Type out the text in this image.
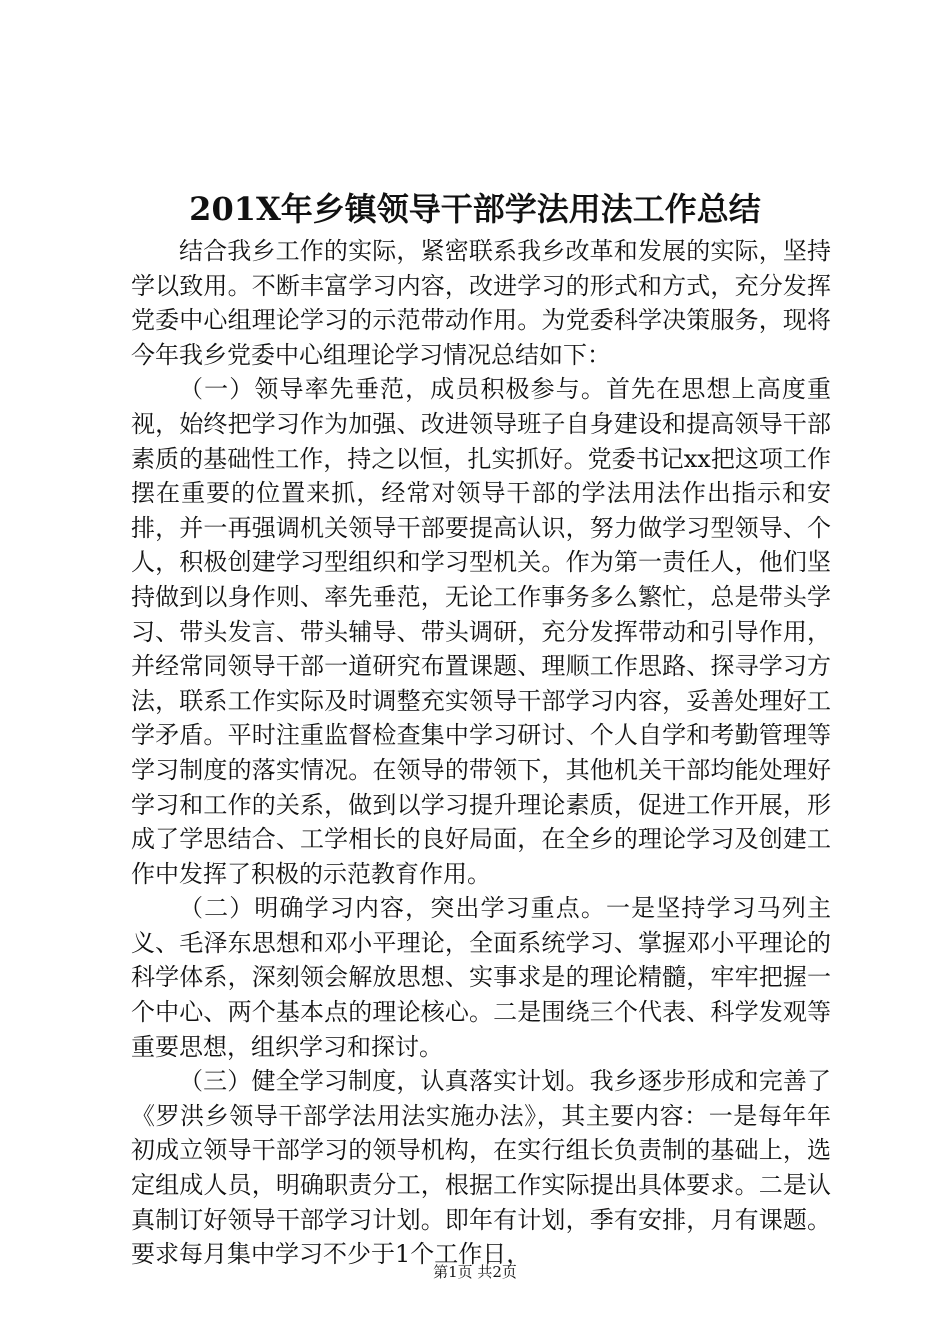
201X年乡镇领导干部学法用法工作总结

结合我乡工作的实际，紧密联系我乡改革和发展的实际，坚持学以致用。不断丰富学习内容，改进学习的形式和方式，充分发挥党委中心组理论学习的示范带动作用。为党委科学决策服务，现将今年我乡党委中心组理论学习情况总结如下：

（一）领导率先垂范，成员积极参与。首先在思想上高度重视，始终把学习作为加强、改进领导班子自身建设和提高领导干部素质的基础性工作，持之以恒，扎实抓好。党委书记xx把这项工作摆在重要的位置来抓，经常对领导干部的学法用法作出指示和安排，并一再强调机关领导干部要提高认识，努力做学习型领导、个人，积极创建学习型组织和学习型机关。作为第一责任人，他们坚持做到以身作则、率先垂范，无论工作事务多么繁忙，总是带头学习、带头发言、带头辅导、带头调研，充分发挥带动和引导作用，并经常同领导干部一道研究布置课题、理顺工作思路、探寻学习方法，联系工作实际及时调整充实领导干部学习内容，妥善处理好工学矛盾。平时注重监督检查集中学习研讨、个人自学和考勤管理等学习制度的落实情况。在领导的带领下，其他机关干部均能处理好学习和工作的关系，做到以学习提升理论素质，促进工作开展，形成了学思结合、工学相长的良好局面，在全乡的理论学习及创建工作中发挥了积极的示范教育作用。

（二）明确学习内容，突出学习重点。一是坚持学习马列主义、毛泽东思想和邓小平理论，全面系统学习、掌握邓小平理论的科学体系，深刻领会解放思想、实事求是的理论精髓，牢牢把握一个中心、两个基本点的理论核心。二是围绕三个代表、科学发观等重要思想，组织学习和探讨。

（三）健全学习制度，认真落实计划。我乡逐步形成和完善了《罗洪乡领导干部学法用法实施办法》，其主要内容：一是每年年初成立领导干部学习的领导机构，在实行组长负责制的基础上，选定组成人员，明确职责分工，根据工作实际提出具体要求。二是认真制订好领导干部学习计划。即年有计划，季有安排，月有课题。要求每月集中学习不少于1个工作日，

第1页 共2页
